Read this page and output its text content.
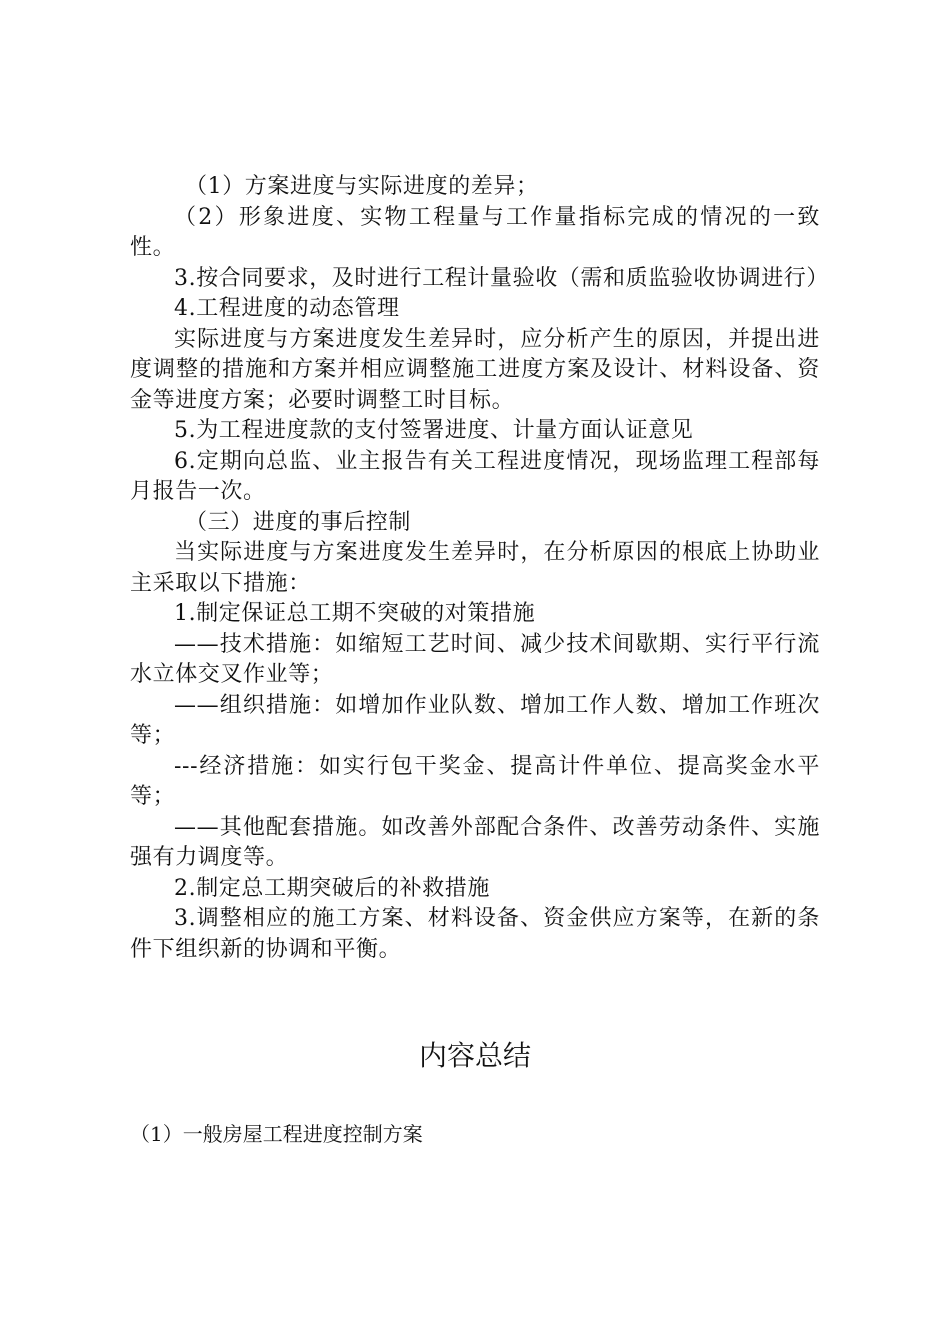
（1）方案进度与实际进度的差异；

（2）形象进度、实物工程量与工作量指标完成的情况的一致性。

3.按合同要求，及时进行工程计量验收（需和质监验收协调进行）

4.工程进度的动态管理

实际进度与方案进度发生差异时，应分析产生的原因，并提出进度调整的措施和方案并相应调整施工进度方案及设计、材料设备、资金等进度方案；必要时调整工时目标。

5.为工程进度款的支付签署进度、计量方面认证意见

6.定期向总监、业主报告有关工程进度情况，现场监理工程部每月报告一次。

（三）进度的事后控制

当实际进度与方案进度发生差异时，在分析原因的根底上协助业主采取以下措施：

1.制定保证总工期不突破的对策措施

——技术措施：如缩短工艺时间、减少技术间歇期、实行平行流水立体交叉作业等；

——组织措施：如增加作业队数、增加工作人数、增加工作班次等；

---经济措施：如实行包干奖金、提高计件单位、提高奖金水平等；

——其他配套措施。如改善外部配合条件、改善劳动条件、实施强有力调度等。

2.制定总工期突破后的补救措施

3.调整相应的施工方案、材料设备、资金供应方案等，在新的条件下组织新的协调和平衡。

内容总结

（1）一般房屋工程进度控制方案
